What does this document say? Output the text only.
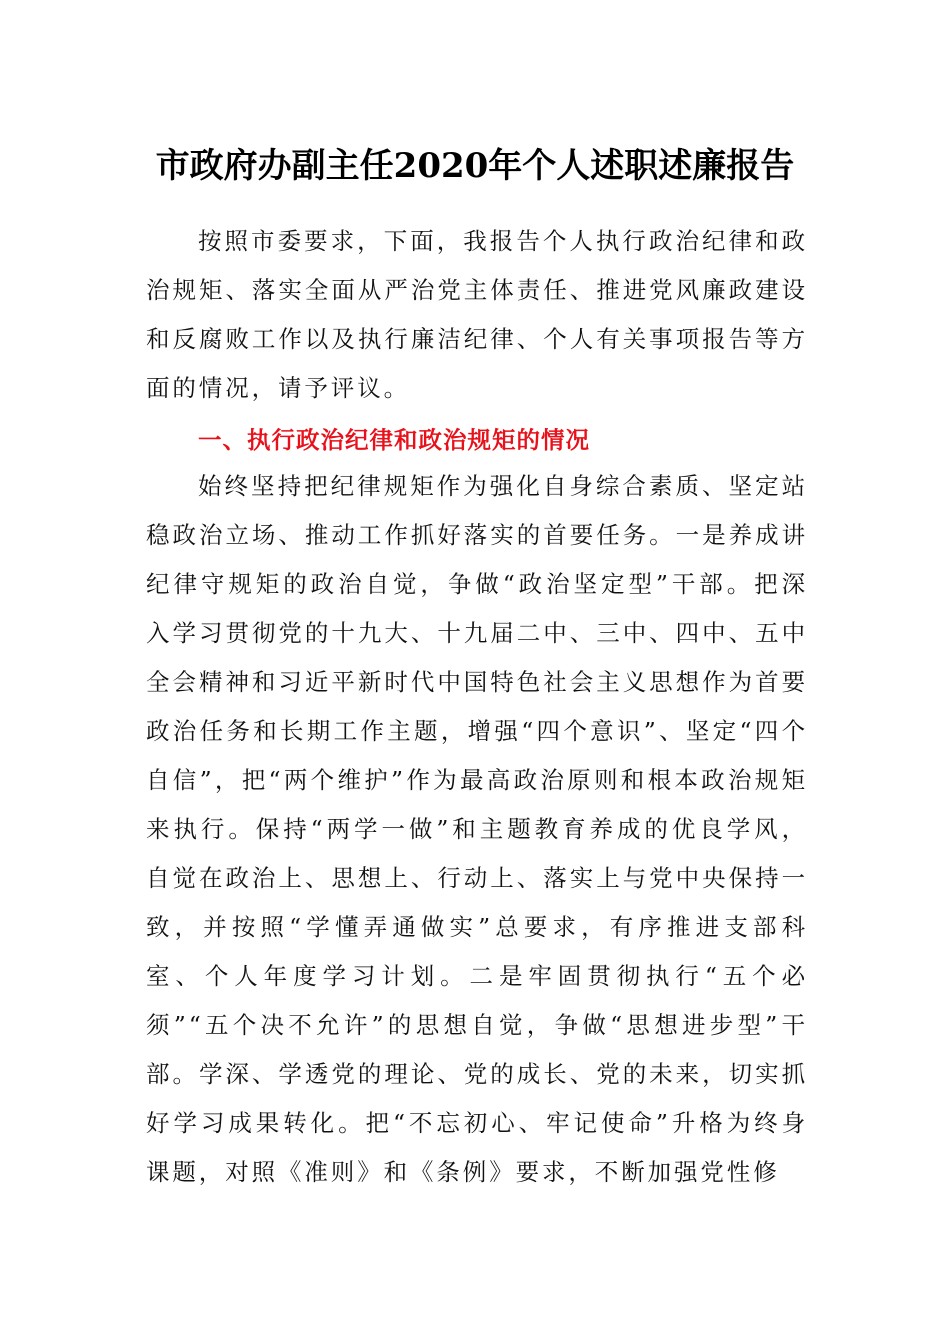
市政府办副主任2020年个人述职述廉报告

按照市委要求，下面，我报告个人执行政治纪律和政治规矩、落实全面从严治党主体责任、推进党风廉政建设和反腐败工作以及执行廉洁纪律、个人有关事项报告等方面的情况，请予评议。

一、执行政治纪律和政治规矩的情况

始终坚持把纪律规矩作为强化自身综合素质、坚定站稳政治立场、推动工作抓好落实的首要任务。一是养成讲纪律守规矩的政治自觉，争做“政治坚定型”干部。把深入学习贯彻党的十九大、十九届二中、三中、四中、五中全会精神和习近平新时代中国特色社会主义思想作为首要政治任务和长期工作主题，增强“四个意识”、坚定“四个自信”，把“两个维护”作为最高政治原则和根本政治规矩来执行。保持“两学一做”和主题教育养成的优良学风，自觉在政治上、思想上、行动上、落实上与党中央保持一致，并按照“学懂弄通做实”总要求，有序推进支部科室、个人年度学习计划。二是牢固贯彻执行“五个必须”“五个决不允许”的思想自觉，争做“思想进步型”干部。学深、学透党的理论、党的成长、党的未来，切实抓好学习成果转化。把“不忘初心、牢记使命”升格为终身课题，对照《准则》和《条例》要求，不断加强党性修
